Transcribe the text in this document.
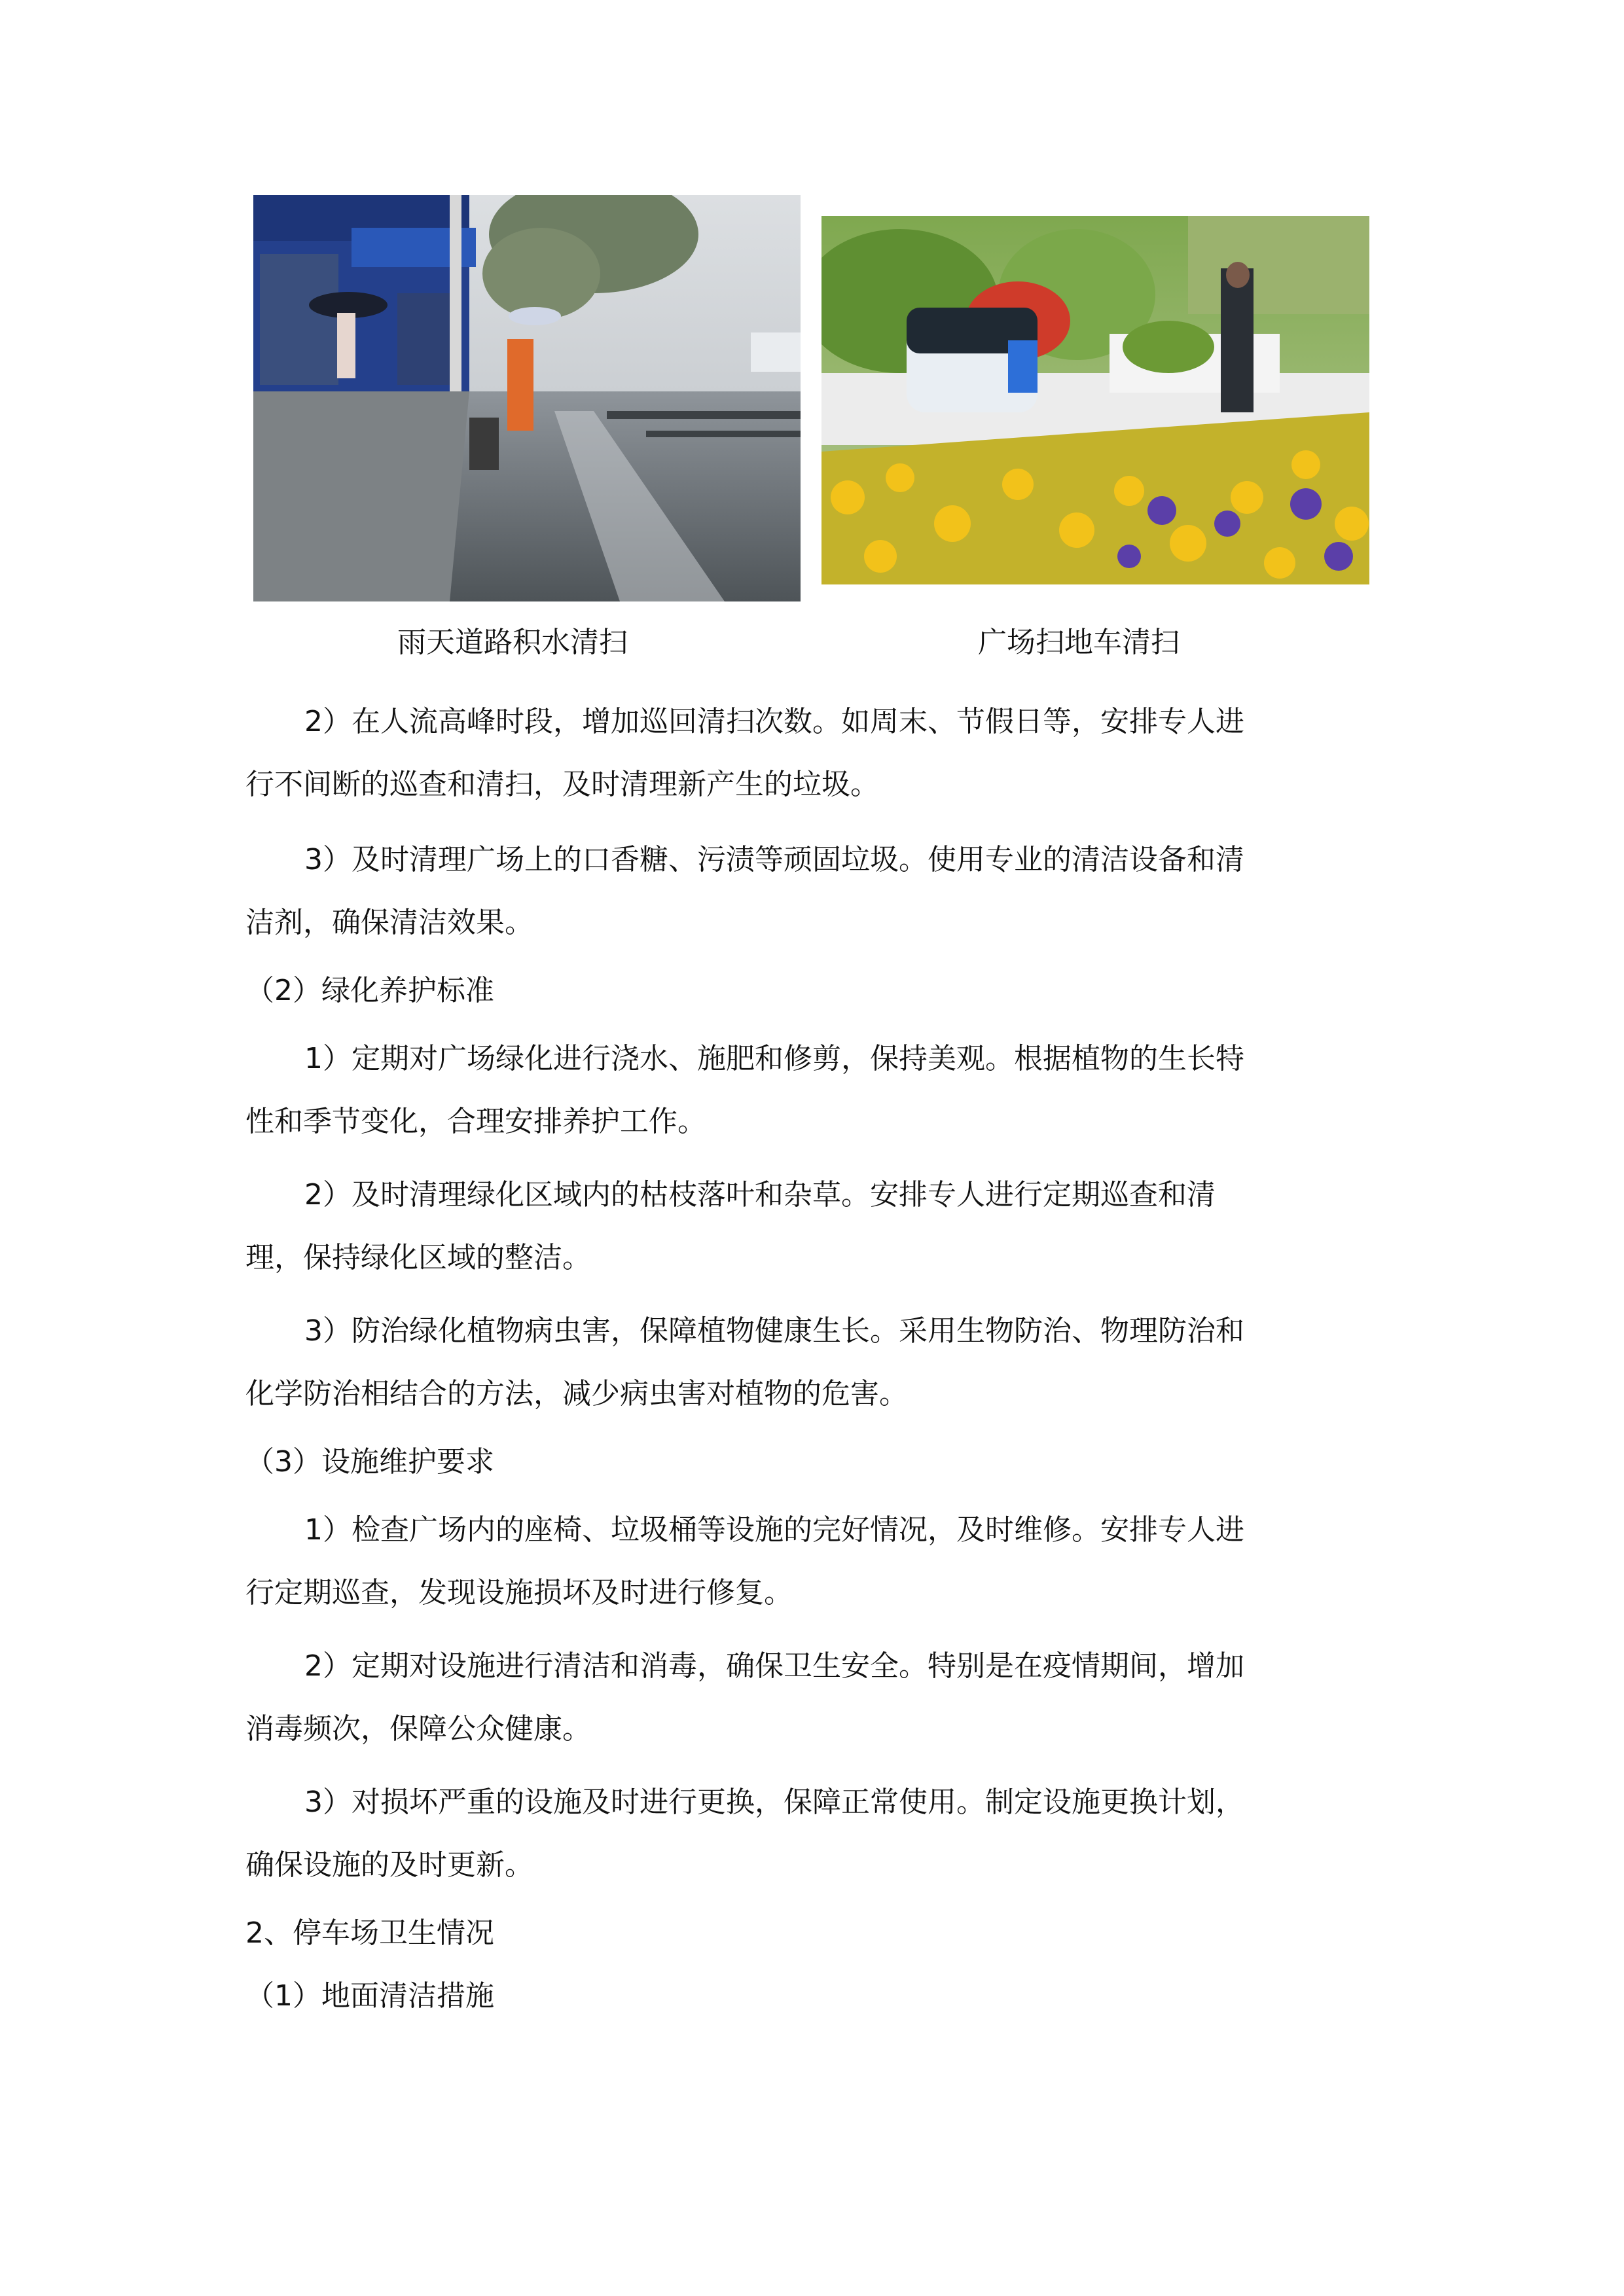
雨天道路积水清扫	广场扫地车清扫
2）在人流高峰时段，增加巡回清扫次数。如周末、节假日等，安排专人进
行不间断的巡查和清扫，及时清理新产生的垃圾。
3）及时清理广场上的口香糖、污渍等顽固垃圾。使用专业的清洁设备和清
洁剂，确保清洁效果。
（2）绿化养护标准
1）定期对广场绿化进行浇水、施肥和修剪，保持美观。根据植物的生长特
性和季节变化，合理安排养护工作。
2）及时清理绿化区域内的枯枝落叶和杂草。安排专人进行定期巡查和清
理，保持绿化区域的整洁。
3）防治绿化植物病虫害，保障植物健康生长。采用生物防治、物理防治和
化学防治相结合的方法，减少病虫害对植物的危害。
（3）设施维护要求
1）检查广场内的座椅、垃圾桶等设施的完好情况，及时维修。安排专人进
行定期巡查，发现设施损坏及时进行修复。
2）定期对设施进行清洁和消毒，确保卫生安全。特别是在疫情期间，增加
消毒频次，保障公众健康。
3）对损坏严重的设施及时进行更换，保障正常使用。制定设施更换计划，
确保设施的及时更新。
2、停车场卫生情况
（1）地面清洁措施
